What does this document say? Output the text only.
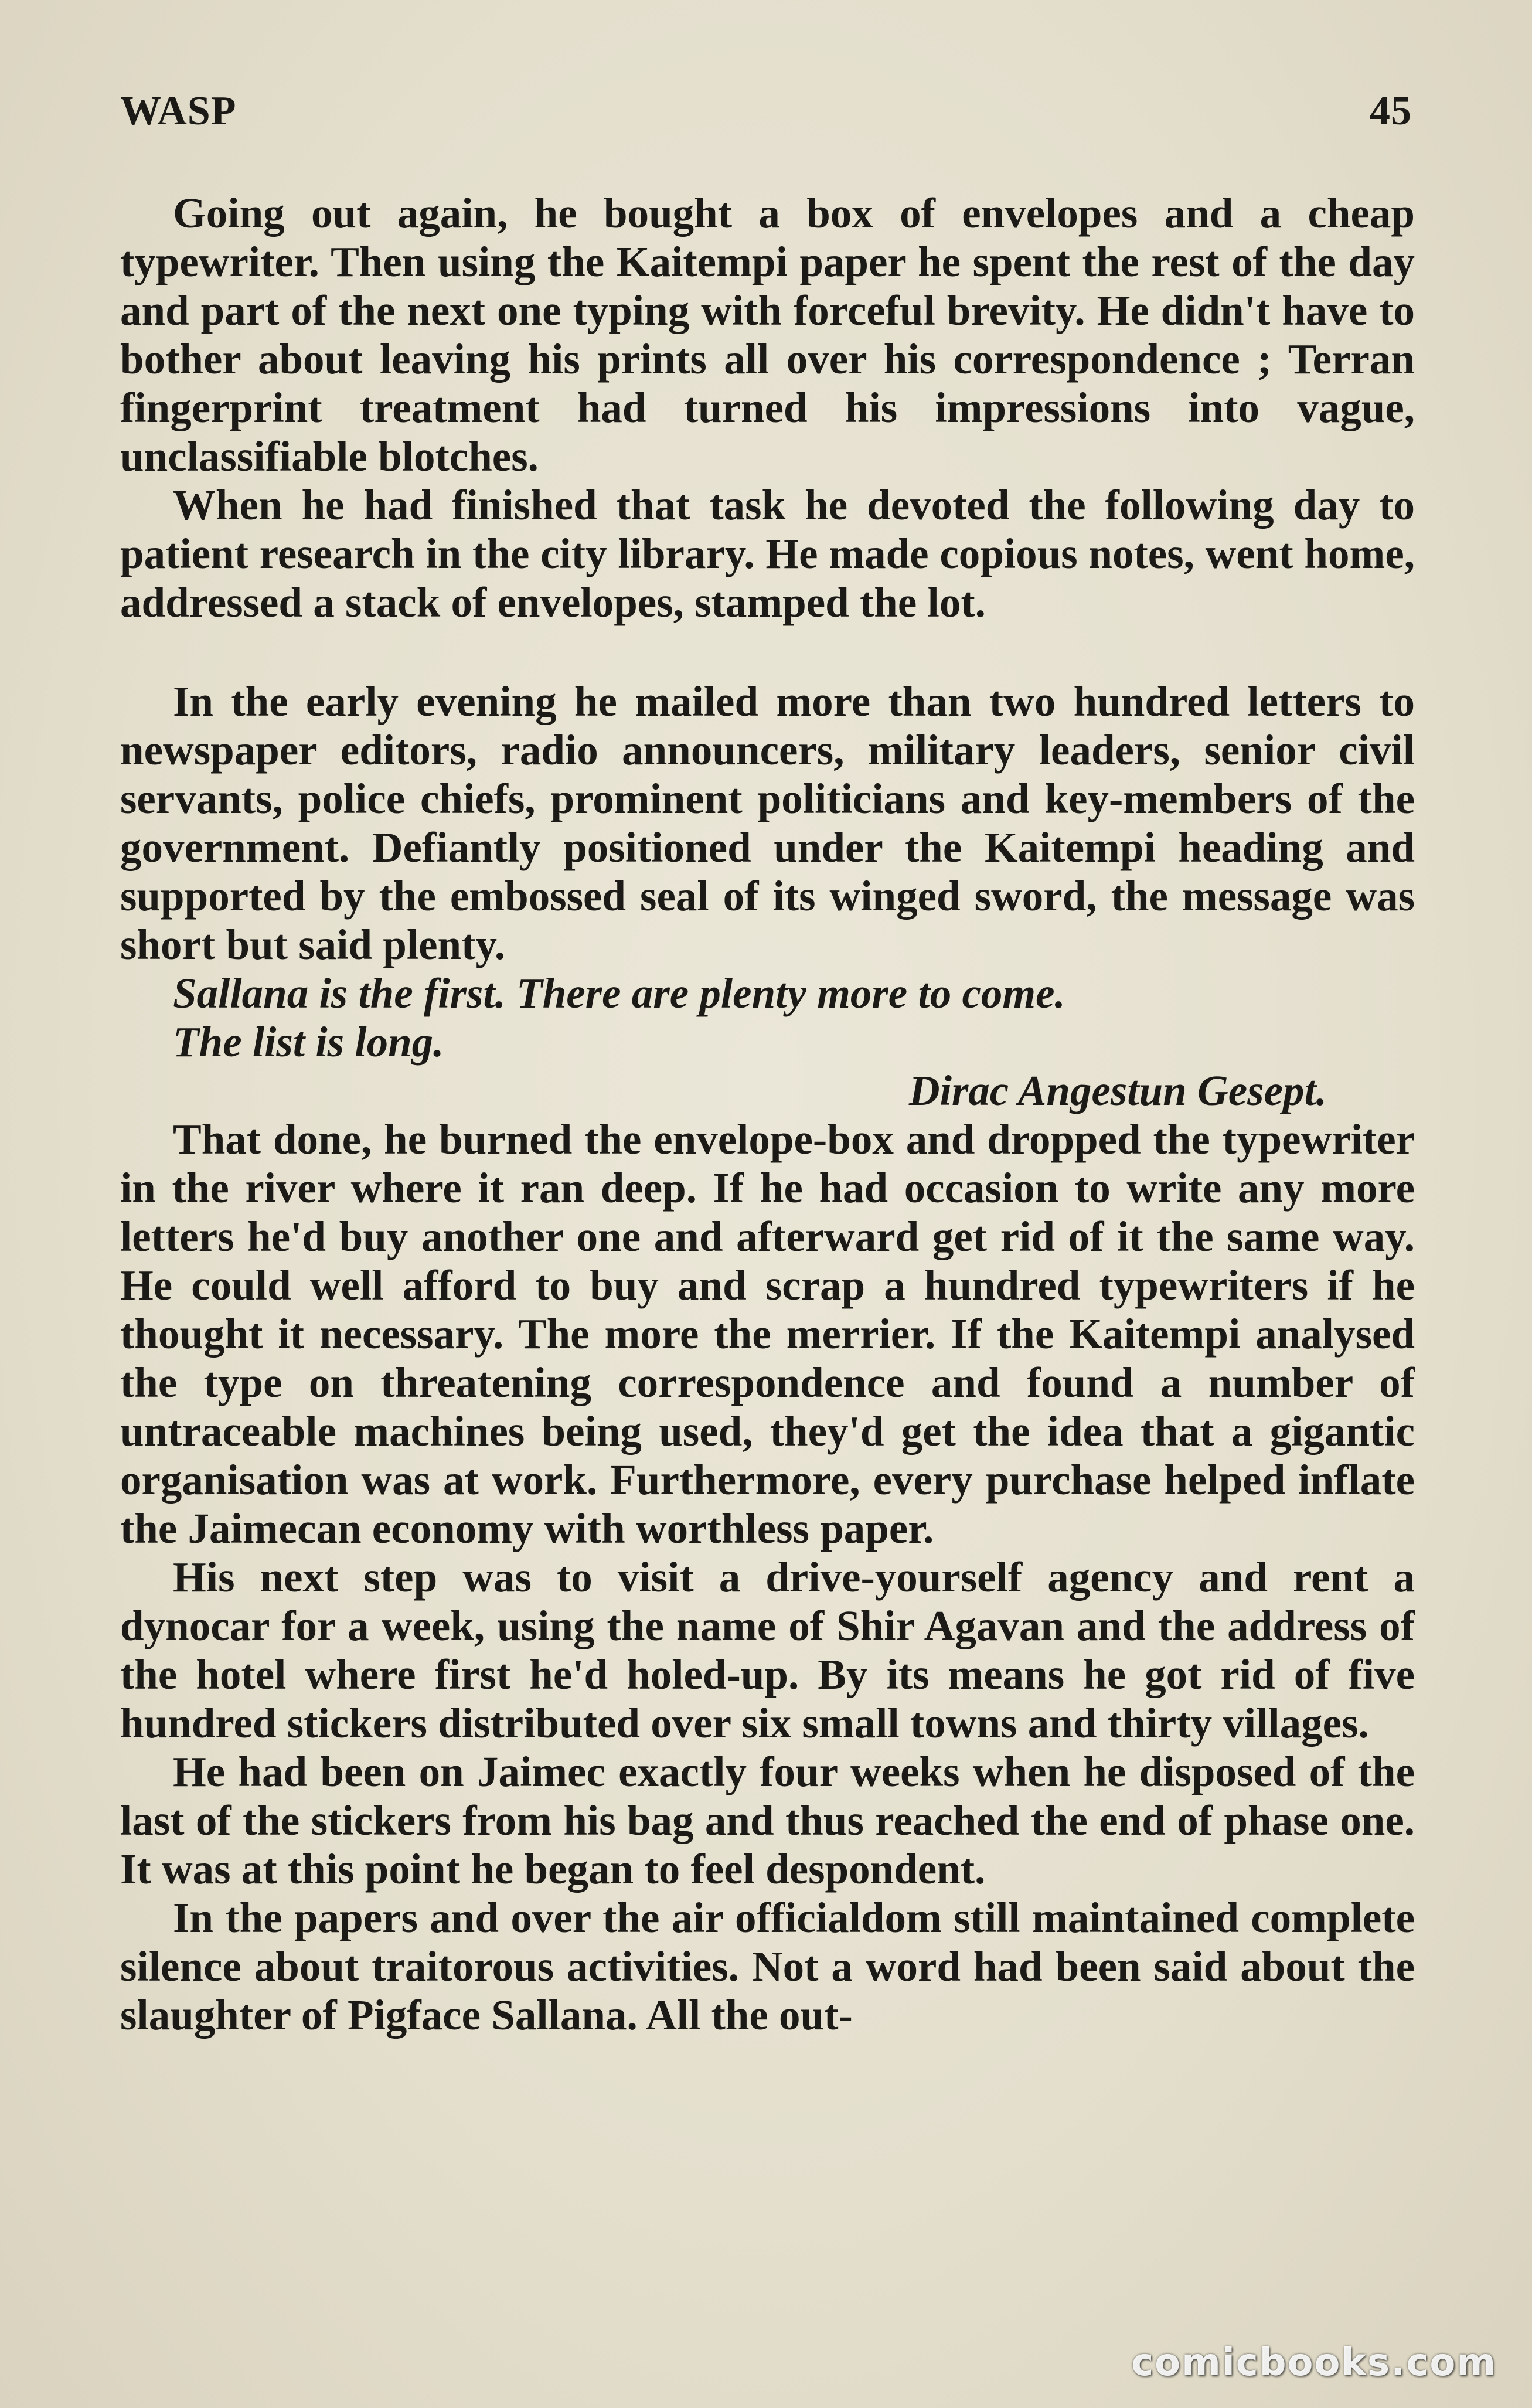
WASP	45

Going out again, he bought a box of envelopes and a cheap typewriter. Then using the Kaitempi paper he spent the rest of the day and part of the next one typing with forceful brevity. He didn't have to bother about leaving his prints all over his correspondence ; Terran fingerprint treatment had turned his impressions into vague, unclassifiable blotches.

When he had finished that task he devoted the following day to patient research in the city library. He made copious notes, went home, addressed a stack of envelopes, stamped the lot.

In the early evening he mailed more than two hundred letters to newspaper editors, radio announcers, military leaders, senior civil servants, police chiefs, prominent politicians and key-members of the government. Defiantly positioned under the Kaitempi heading and supported by the embossed seal of its winged sword, the message was short but said plenty.

Sallana is the first. There are plenty more to come.
The list is long.
Dirac Angestun Gesept.

That done, he burned the envelope-box and dropped the typewriter in the river where it ran deep. If he had occasion to write any more letters he'd buy another one and afterward get rid of it the same way. He could well afford to buy and scrap a hundred typewriters if he thought it necessary. The more the merrier. If the Kaitempi analysed the type on threatening correspondence and found a number of untraceable machines being used, they'd get the idea that a gigantic organisation was at work. Furthermore, every purchase helped inflate the Jaimecan economy with worthless paper.

His next step was to visit a drive-yourself agency and rent a dynocar for a week, using the name of Shir Agavan and the address of the hotel where first he'd holed-up. By its means he got rid of five hundred stickers distributed over six small towns and thirty villages.

He had been on Jaimec exactly four weeks when he disposed of the last of the stickers from his bag and thus reached the end of phase one. It was at this point he began to feel despondent.

In the papers and over the air officialdom still maintained complete silence about traitorous activities. Not a word had been said about the slaughter of Pigface Sallana. All the out-

comicbooks.com
